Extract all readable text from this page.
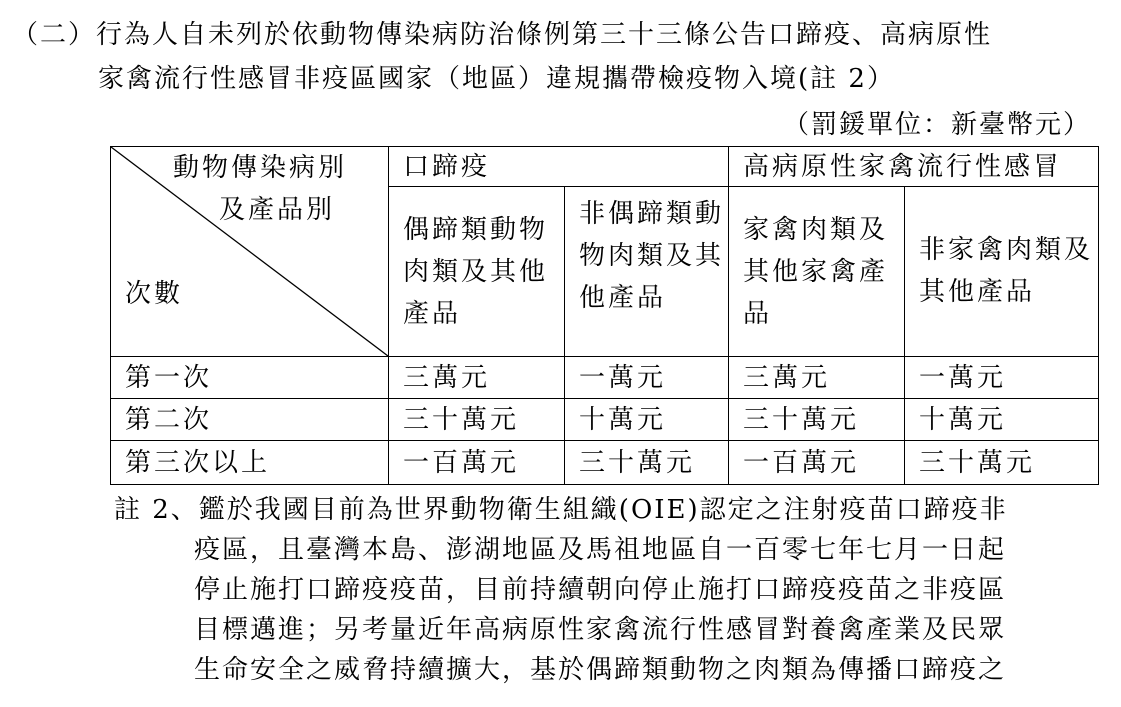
（二）行為人自未列於依動物傳染病防治條例第三十三條公告口蹄疫、高病原性
家禽流行性感冒非疫區國家（地區）違規攜帶檢疫物入境(註 2）
（罰鍰單位：新臺幣元）
動物傳染病別
及產品別
次數	口蹄疫		高病原性家禽流行性感冒	
	偶蹄類動物肉類及其他產品	非偶蹄類動物肉類及其他產品	家禽肉類及其他家禽產品	非家禽肉類及其他產品
第一次	三萬元	一萬元	三萬元	一萬元
第二次	三十萬元	十萬元	三十萬元	十萬元
第三次以上	一百萬元	三十萬元	一百萬元	三十萬元
註 2、鑑於我國目前為世界動物衛生組織(OIE)認定之注射疫苗口蹄疫非
疫區，且臺灣本島、澎湖地區及馬祖地區自一百零七年七月一日起
停止施打口蹄疫疫苗，目前持續朝向停止施打口蹄疫疫苗之非疫區
目標邁進；另考量近年高病原性家禽流行性感冒對養禽產業及民眾
生命安全之威脅持續擴大，基於偶蹄類動物之肉類為傳播口蹄疫之
